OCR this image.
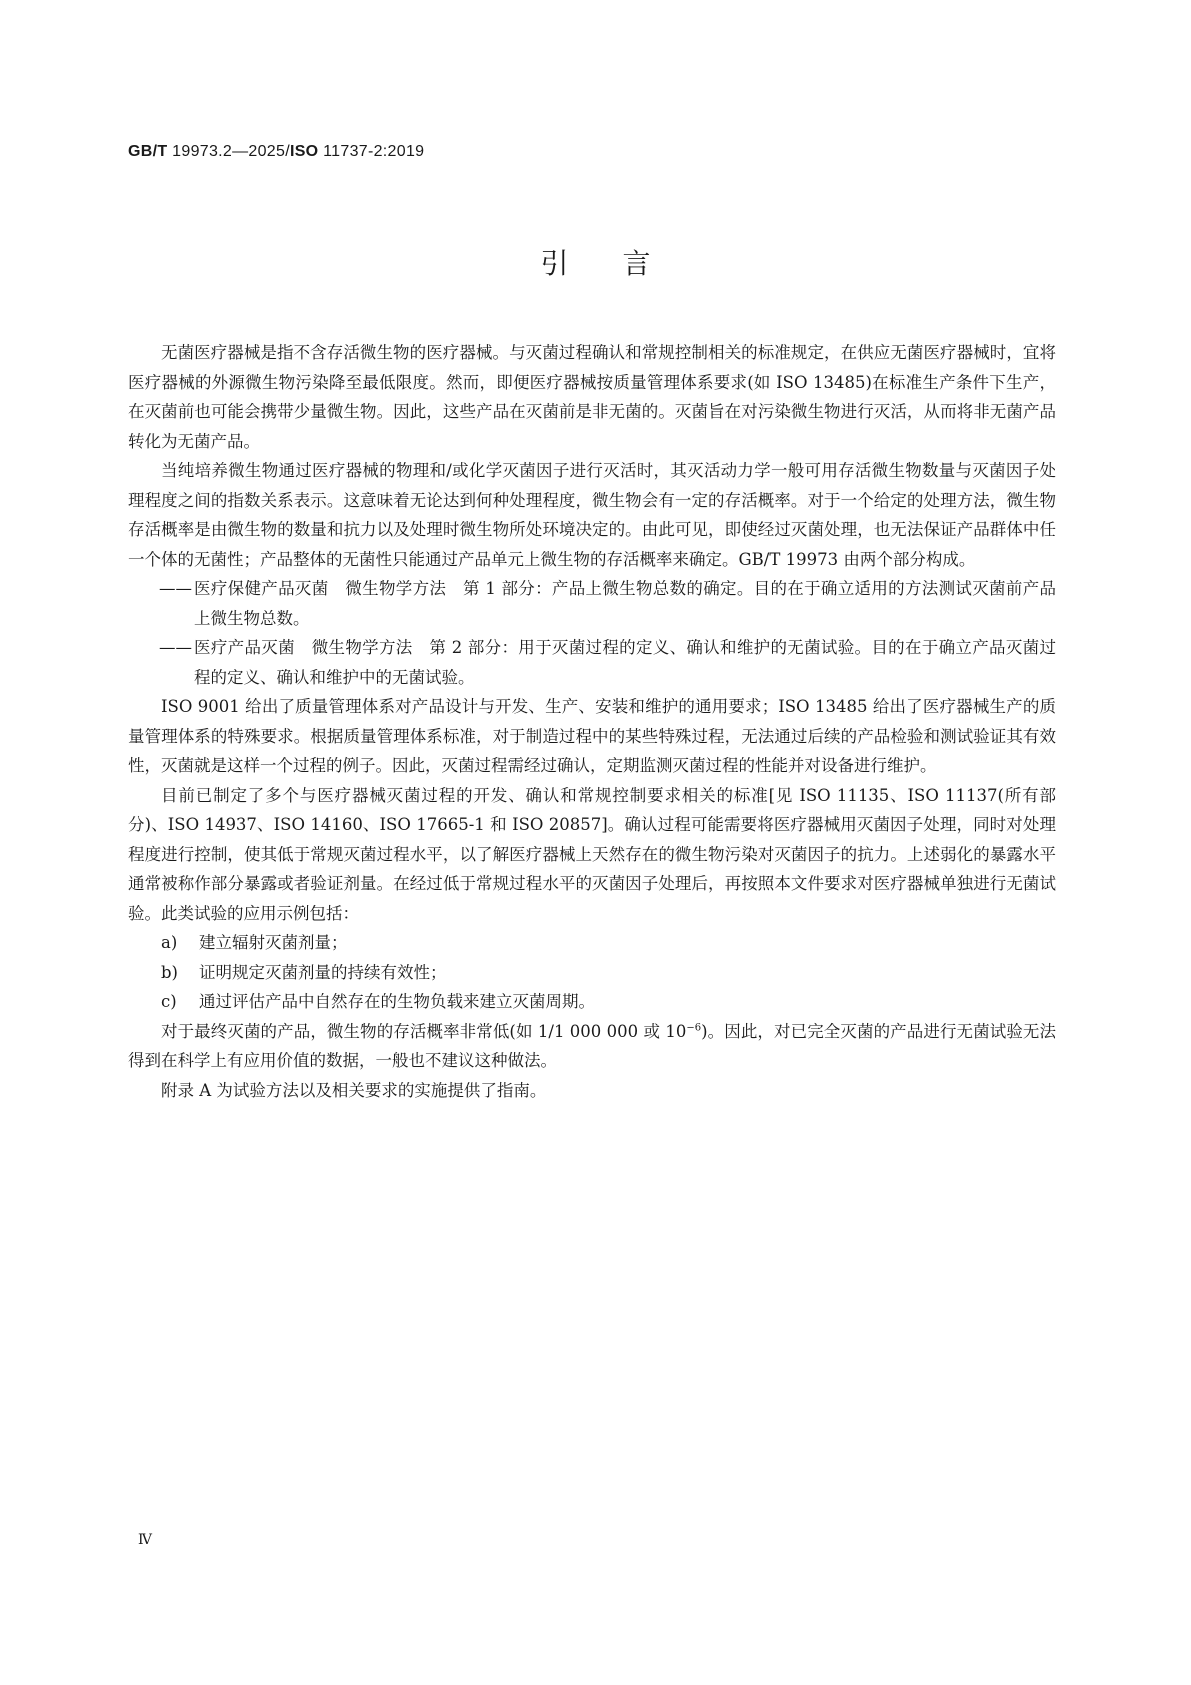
GB/T 19973.2—2025/ISO 11737-2:2019
引言

无菌医疗器械是指不含存活微生物的医疗器械。与灭菌过程确认和常规控制相关的标准规定，在供应无菌医疗器械时，宜将医疗器械的外源微生物污染降至最低限度。然而，即便医疗器械按质量管理体系要求(如 ISO 13485)在标准生产条件下生产，在灭菌前也可能会携带少量微生物。因此，这些产品在灭菌前是非无菌的。灭菌旨在对污染微生物进行灭活，从而将非无菌产品转化为无菌产品。

当纯培养微生物通过医疗器械的物理和/或化学灭菌因子进行灭活时，其灭活动力学一般可用存活微生物数量与灭菌因子处理程度之间的指数关系表示。这意味着无论达到何种处理程度，微生物会有一定的存活概率。对于一个给定的处理方法，微生物存活概率是由微生物的数量和抗力以及处理时微生物所处环境决定的。由此可见，即使经过灭菌处理，也无法保证产品群体中任一个体的无菌性；产品整体的无菌性只能通过产品单元上微生物的存活概率来确定。GB/T 19973 由两个部分构成。

—— 医疗保健产品灭菌　微生物学方法　第 1 部分：产品上微生物总数的确定。目的在于确立适用的方法测试灭菌前产品上微生物总数。
—— 医疗产品灭菌　微生物学方法　第 2 部分：用于灭菌过程的定义、确认和维护的无菌试验。目的在于确立产品灭菌过程的定义、确认和维护中的无菌试验。

ISO 9001 给出了质量管理体系对产品设计与开发、生产、安装和维护的通用要求；ISO 13485 给出了医疗器械生产的质量管理体系的特殊要求。根据质量管理体系标准，对于制造过程中的某些特殊过程，无法通过后续的产品检验和测试验证其有效性，灭菌就是这样一个过程的例子。因此，灭菌过程需经过确认，定期监测灭菌过程的性能并对设备进行维护。

目前已制定了多个与医疗器械灭菌过程的开发、确认和常规控制要求相关的标准[见 ISO 11135、ISO 11137(所有部分)、ISO 14937、ISO 14160、ISO 17665-1 和 ISO 20857]。确认过程可能需要将医疗器械用灭菌因子处理，同时对处理程度进行控制，使其低于常规灭菌过程水平，以了解医疗器械上天然存在的微生物污染对灭菌因子的抗力。上述弱化的暴露水平通常被称作部分暴露或者验证剂量。在经过低于常规过程水平的灭菌因子处理后，再按照本文件要求对医疗器械单独进行无菌试验。此类试验的应用示例包括：

a)	建立辐射灭菌剂量；
b)	证明规定灭菌剂量的持续有效性；
c)	通过评估产品中自然存在的生物负载来建立灭菌周期。

对于最终灭菌的产品，微生物的存活概率非常低(如 1/1 000 000 或 $10^{-6}$)。因此，对已完全灭菌的产品进行无菌试验无法得到在科学上有应用价值的数据，一般也不建议这种做法。

附录 A 为试验方法以及相关要求的实施提供了指南。

Ⅳ
